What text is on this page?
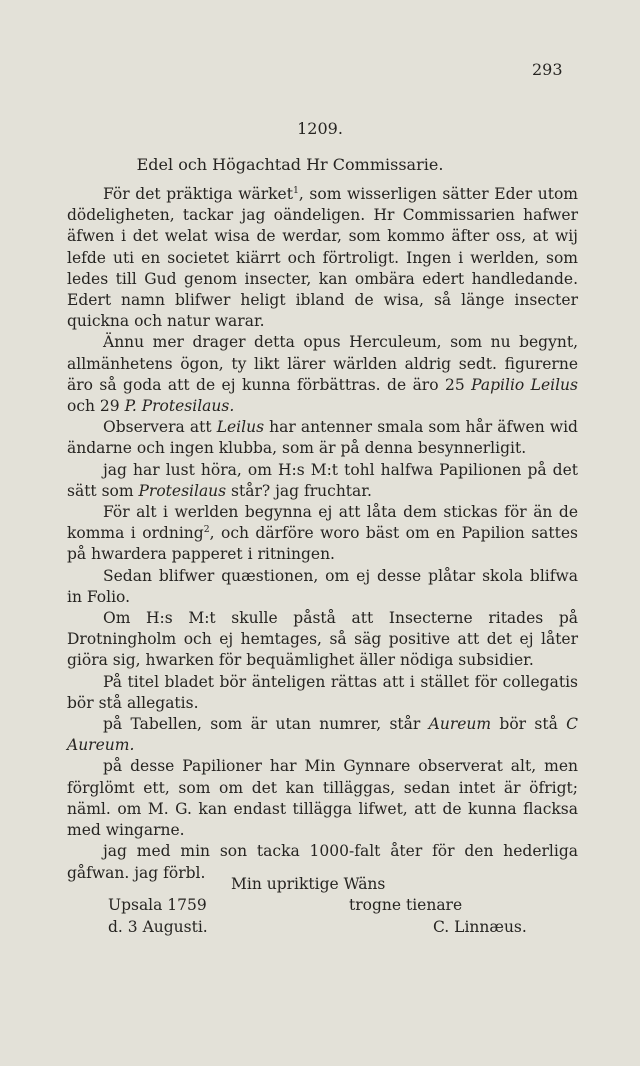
293
1209.
Edel och Högachtad Hr Commissarie.

För det präktiga wärket$^1$, som wisserligen sätter Eder utom dödeligheten, tackar jag oändeligen. Hr Commissarien hafwer äfwen i det welat wisa de werdar, som kommo äfter oss, at wij lefde uti en societet kiärrt och förtroligt. Ingen i werlden, som ledes till Gud genom insecter, kan ombära edert handledande. Edert namn blifwer heligt ibland de wisa, så länge insecter quickna och natur warar.

Ännu mer drager detta opus Herculeum, som nu begynt, allmänhetens ögon, ty likt lärer wärlden aldrig sedt. figurerne äro så goda att de ej kunna förbättras. de äro 25 Papilio Leilus och 29 P. Protesilaus.

Observera att Leilus har antenner smala som hår äfwen wid ändarne och ingen klubba, som är på denna besynnerligit.

jag har lust höra, om H:s M:t tohl halfwa Papilionen på det sätt som Protesilaus står? jag fruchtar.

För alt i werlden begynna ej att låta dem stickas för än de komma i ordning$^2$, och därföre woro bäst om en Papilion sattes på hwardera papperet i ritningen.

Sedan blifwer quæstionen, om ej desse plåtar skola blifwa in Folio.

Om H:s M:t skulle påstå att Insecterne ritades på Drotningholm och ej hemtages, så säg positive att det ej låter giöra sig, hwarken för bequämlighet äller nödiga subsidier.

På titel bladet bör änteligen rättas att i stället för collegatis bör stå allegatis.

på Tabellen, som är utan numrer, står Aureum bör stå C Aureum.

på desse Papilioner har Min Gynnare observerat alt, men förglömt ett, som om det kan tilläggas, sedan intet är öfrigt; näml. om M. G. kan endast tillägga lifwet, att de kunna flacksa med wingarne.

jag med min son tacka 1000-falt åter för den hederliga gåfwan. jag förbl.

Min upriktige Wäns
Upsala 1759	trogne tienare
d. 3 Augusti.	C. Linnæus.
